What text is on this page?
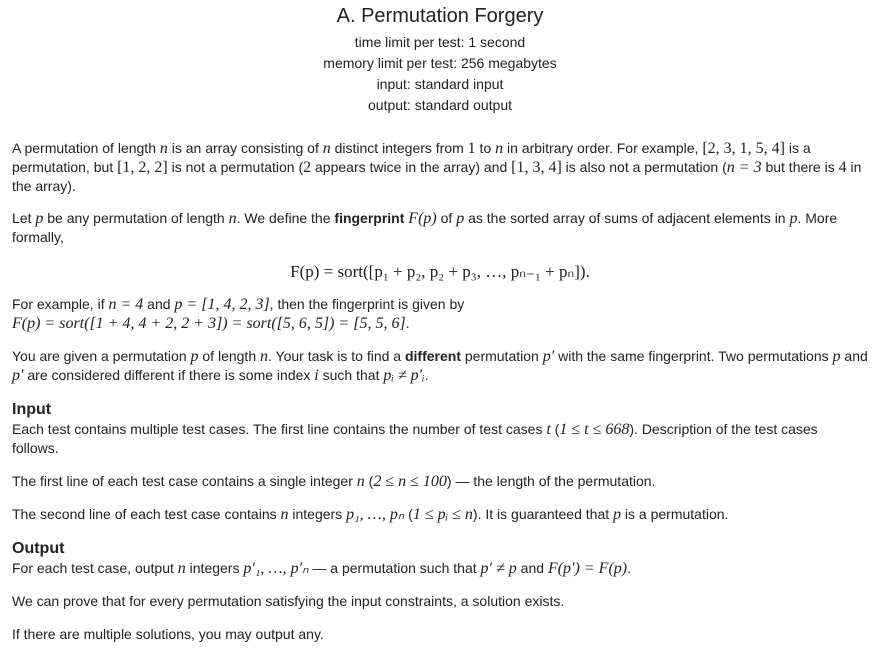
A. Permutation Forgery
time limit per test: 1 second
memory limit per test: 256 megabytes
input: standard input
output: standard output

A permutation of length n is an array consisting of n distinct integers from 1 to n in arbitrary order. For example, [2, 3, 1, 5, 4] is a permutation, but [1, 2, 2] is not a permutation (2 appears twice in the array) and [1, 3, 4] is also not a permutation (n = 3 but there is 4 in the array).

Let p be any permutation of length n. We define the fingerprint F(p) of p as the sorted array of sums of adjacent elements in p. More formally,

F(p) = sort([p₁ + p₂, p₂ + p₃, …, pₙ₋₁ + pₙ]).

For example, if n = 4 and p = [1, 4, 2, 3], then the fingerprint is given by
F(p) = sort([1 + 4, 4 + 2, 2 + 3]) = sort([5, 6, 5]) = [5, 5, 6].

You are given a permutation p of length n. Your task is to find a different permutation p′ with the same fingerprint. Two permutations p and p′ are considered different if there is some index i such that pᵢ ≠ p′ᵢ.

Input

Each test contains multiple test cases. The first line contains the number of test cases t (1 ≤ t ≤ 668). Description of the test cases follows.

The first line of each test case contains a single integer n (2 ≤ n ≤ 100) — the length of the permutation.

The second line of each test case contains n integers p₁, …, pₙ (1 ≤ pᵢ ≤ n). It is guaranteed that p is a permutation.

Output

For each test case, output n integers p′₁, …, p′ₙ — a permutation such that p′ ≠ p and F(p′) = F(p).

We can prove that for every permutation satisfying the input constraints, a solution exists.

If there are multiple solutions, you may output any.
